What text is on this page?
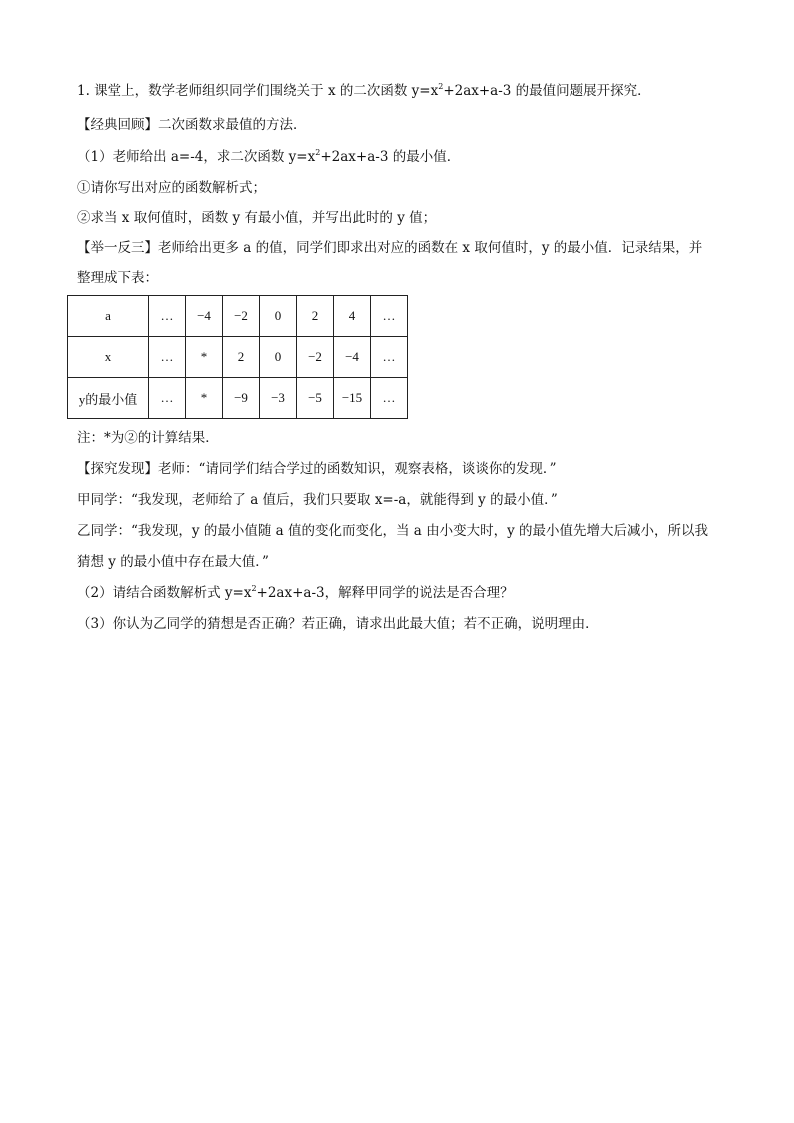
1. 课堂上，数学老师组织同学们围绕关于 x 的二次函数 $y=x^2+2ax+a-3$ 的最值问题展开探究．
【经典回顾】二次函数求最值的方法．
（1）老师给出 a=-4，求二次函数 $y=x^2+2ax+a-3$ 的最小值．
①请你写出对应的函数解析式；
②求当 x 取何值时，函数 y 有最小值，并写出此时的 y 值；
【举一反三】老师给出更多 a 的值，同学们即求出对应的函数在 x 取何值时，y 的最小值．记录结果，并
整理成下表：
a	…	−4	−2	0	2	4	…
x	…	*	2	0	−2	−4	…
y的最小值	…	*	−9	−3	−5	−15	…
注：*为②的计算结果．
【探究发现】老师：“请同学们结合学过的函数知识，观察表格，谈谈你的发现．”
甲同学：“我发现，老师给了 a 值后，我们只要取 x=-a，就能得到 y 的最小值．”
乙同学：“我发现，y 的最小值随 a 值的变化而变化，当 a 由小变大时，y 的最小值先增大后减小，所以我
猜想 y 的最小值中存在最大值．”
（2）请结合函数解析式 $y=x^2+2ax+a-3$，解释甲同学的说法是否合理？
（3）你认为乙同学的猜想是否正确？若正确，请求出此最大值；若不正确，说明理由．
